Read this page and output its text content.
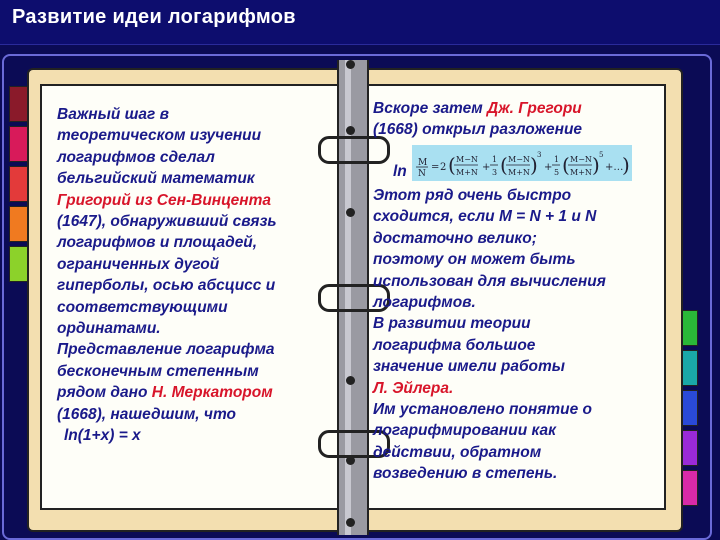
Развитие идеи логарифмов
Важный шаг в
теоретическом изучении
логарифмов сделал
бельгийский математик
Григорий из Сен-Винцента
(1647), обнаруживший связь
логарифмов и площадей,
ограниченных дугой
гиперболы, осью абсцисс и
соответствующими
ординатами.
Представление логарифма
бесконечным степенным
рядом дано Н. Меркатором
(1668), нашедшим, что
ln(1+x) = x
Вскоре затем Дж. Грегори
(1668) открыл разложение
M
N
= 2 ( M−N
M+N +
1
3 ( M−N
M+N ) 3
+
1
5 ( M−N
M+N ) 5
+…
)
ln
Этот ряд очень быстро
сходится, если M = N + 1 и N
достаточно велико;
поэтому он может быть
использован для вычисления
логарифмов.
В развитии теории
логарифма большое
значение имели работы
Л. Эйлера.
Им установлено понятие о
логарифмировании как
действии, обратном
возведению в степень.
